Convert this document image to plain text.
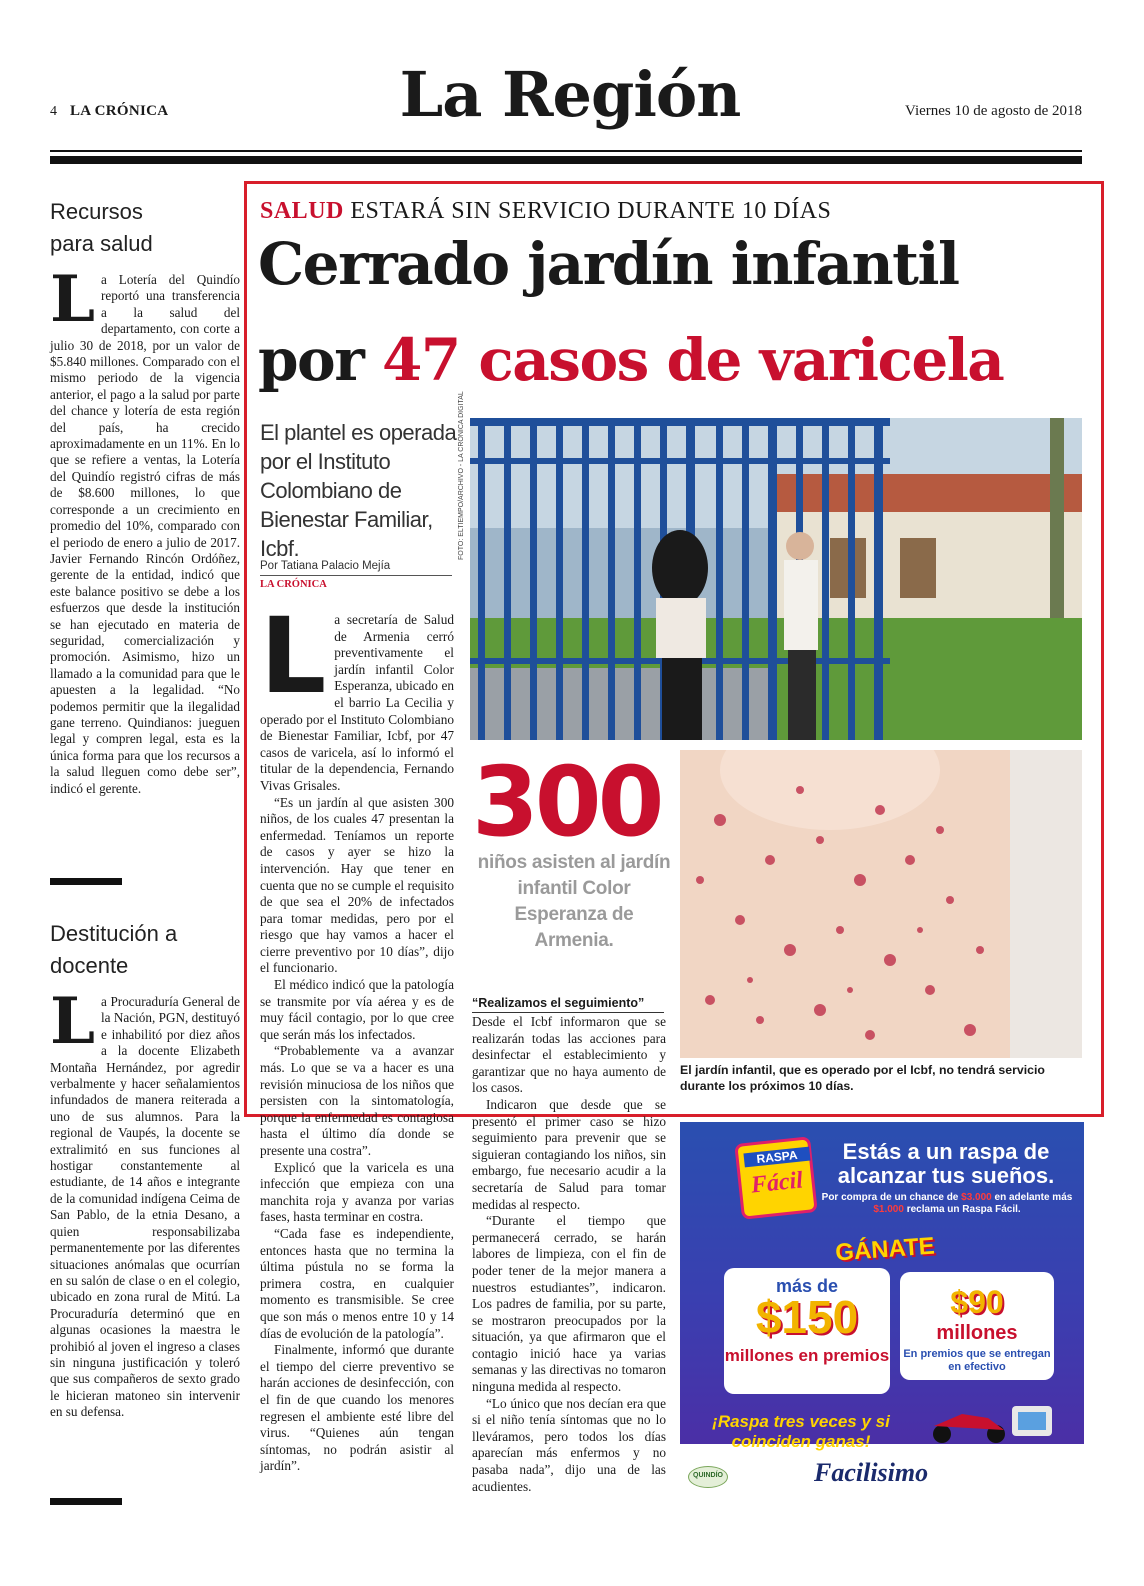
4 LA CRÓNICA	La Región	Viernes 10 de agosto de 2018
Recursos
para salud
La Lotería del Quindío reportó una transferencia a la salud del departamento, con corte a julio 30 de 2018, por un valor de $5.840 millones. Comparado con el mismo periodo de la vigencia anterior, el pago a la salud por parte del chance y lotería de esta región del país, ha crecido aproximadamente en un 11%. En lo que se refiere a ventas, la Lotería del Quindío registró cifras de más de $8.600 millones, lo que corresponde a un crecimiento en promedio del 10%, comparado con el periodo de enero a julio de 2017. Javier Fernando Rincón Ordóñez, gerente de la entidad, indicó que este balance positivo se debe a los esfuerzos que desde la institución se han ejecutado en materia de seguridad, comercialización y promoción. Asimismo, hizo un llamado a la comunidad para que le apuesten a la legalidad. “No podemos permitir que la ilegalidad gane terreno. Quindianos: jueguen legal y compren legal, esta es la única forma para que los recursos a la salud lleguen como debe ser”, indicó el gerente.
Destitución a
docente
La Procuraduría General de la Nación, PGN, destituyó e inhabilitó por diez años a la docente Elizabeth Montaña Hernández, por agredir verbalmente y hacer señalamientos infundados de manera reiterada a uno de sus alumnos. Para la regional de Vaupés, la docente se extralimitó en sus funciones al hostigar constantemente al estudiante, de 14 años e integrante de la comunidad indígena Ceima de San Pablo, de la etnia Desano, a quien responsabilizaba permanentemente por las diferentes situaciones anómalas que ocurrían en su salón de clase o en el colegio, ubicado en zona rural de Mitú. La Procuraduría determinó que en algunas ocasiones la maestra le prohibió al joven el ingreso a clases sin ninguna justificación y toleró que sus compañeros de sexto grado le hicieran matoneo sin intervenir en su defensa.
SALUD ESTARÁ SIN SERVICIO DURANTE 10 DÍAS
Cerrado jardín infantil
por 47 casos de varicela
El plantel es operada por el Instituto Colombiano de Bienestar Familiar, Icbf.
Por Tatiana Palacio Mejía
LA CRÓNICA

La secretaría de Salud de Armenia cerró preventivamente el jardín infantil Color Esperanza, ubicado en el barrio La Cecilia y operado por el Instituto Colombiano de Bienestar Familiar, Icbf, por 47 casos de varicela, así lo informó el titular de la dependencia, Fernando Vivas Grisales.

“Es un jardín al que asisten 300 niños, de los cuales 47 presentan la enfermedad. Teníamos un reporte de casos y ayer se hizo la intervención. Hay que tener en cuenta que no se cumple el requisito de que sea el 20% de infectados para tomar medidas, pero por el riesgo que hay vamos a hacer el cierre preventivo por 10 días”, dijo el funcionario.

El médico indicó que la patología se transmite por vía aérea y es de muy fácil contagio, por lo que cree que serán más los infectados.

“Probablemente va a avanzar más. Lo que se va a hacer es una revisión minuciosa de los niños que persisten con la sintomatología, porque la enfermedad es contagiosa hasta el último día donde se presente una costra”.

Explicó que la varicela es una infección que empieza con una manchita roja y avanza por varias fases, hasta terminar en costra.

“Cada fase es independiente, entonces hasta que no termina la última pústula no se forma la primera costra, en cualquier momento es transmisible. Se cree que son más o menos entre 10 y 14 días de evolución de la patología”.

Finalmente, informó que durante el tiempo del cierre preventivo se harán acciones de desinfección, con el fin de que cuando los menores regresen el ambiente esté libre del virus. “Quienes aún tengan síntomas, no podrán asistir al jardín”.

FOTO: ELTIEMPO/ARCHIVO - LA CRÓNICA DIGITAL
300
niños asisten al jardín infantil Color Esperanza de Armenia.
“Realizamos el seguimiento”

Desde el Icbf informaron que se realizarán todas las acciones para desinfectar el establecimiento y garantizar que no haya aumento de los casos.

Indicaron que desde que se presentó el primer caso se hizo seguimiento para prevenir que se siguieran contagiando los niños, sin embargo, fue necesario acudir a la secretaría de Salud para tomar medidas al respecto.

“Durante el tiempo que permanecerá cerrado, se harán labores de limpieza, con el fin de poder tener de la mejor manera a nuestros estudiantes”, indicaron. Los padres de familia, por su parte, se mostraron preocupados por la situación, ya que afirmaron que el contagio inició hace ya varias semanas y las directivas no tomaron ninguna medida al respecto.

“Lo único que nos decían era que si el niño tenía síntomas que no lo lleváramos, pero todos los días aparecían más enfermos y no pasaba nada”, dijo una de las acudientes.

El jardín infantil, que es operado por el Icbf, no tendrá servicio durante los próximos 10 días.
RASPA
Fácil
Estás a un raspa de alcanzar tus sueños.
Por compra de un chance de $3.000 en adelante más $1.000 reclama un Raspa Fácil.
GÁNATE
más de
$150
millones en premios
$90
millones
En premios que se entregan en efectivo
¡Raspa tres veces y si coinciden ganas!
QUINDÍO	Facilisimo
